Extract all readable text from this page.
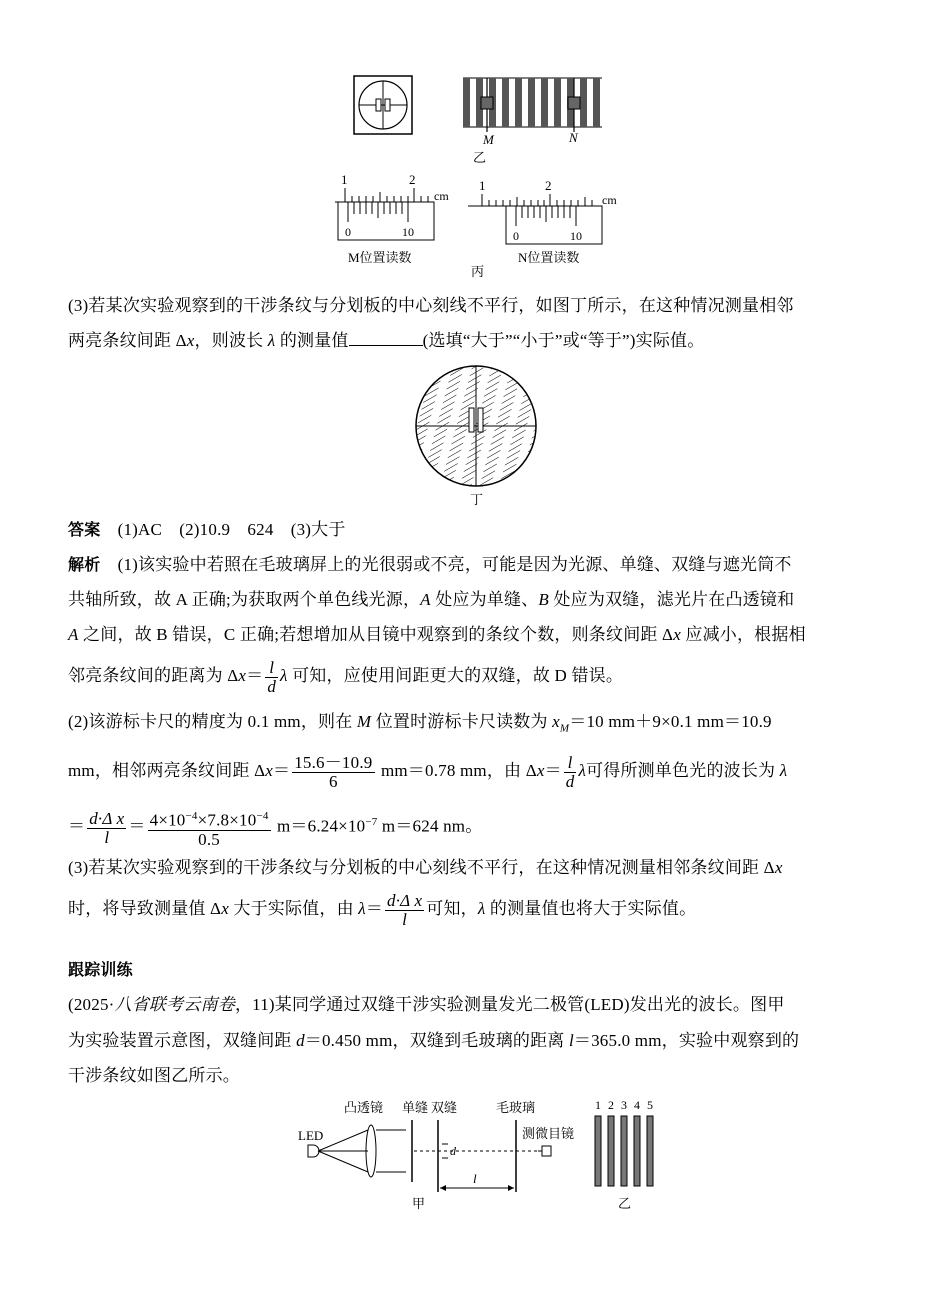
M	N
乙
1	2
cm
0	10
M位置读数
1	2
cm
0	10
N位置读数
丙
(3)若某次实验观察到的干涉条纹与分划板的中心刻线不平行，如图丁所示，在这种情况测量相邻
两亮条纹间距 Δx，则波长 λ 的测量值	(选填“大于”“小于”或“等于”)实际值。
丁
答案　 (1)AC　(2)10.9　624　(3)大于
解析　 (1)该实验中若照在毛玻璃屏上的光很弱或不亮，可能是因为光源、单缝、双缝与遮光筒不
共轴所致，故 A 正确;为获取两个单色线光源，A 处应为单缝、B 处应为双缝，滤光片在凸透镜和
A 之间，故 B 错误，C 正确;若想增加从目镜中观察到的条纹个数，则条纹间距 Δx 应减小，根据相
邻亮条纹间的距离为 $\Delta x= \frac{l}{d}$ λ 可知，应使用间距更大的双缝，故 D 错误。
(2)该游标卡尺的精度为 0.1 mm，则在 M 位置时游标卡尺读数为 $x_M=10$ mm＋9×0.1 mm＝10.9
mm，相邻两亮条纹间距 $\Delta x= \frac{15.6-10.9}{6} mm=0.78$ mm，由 $\Delta x= \frac{l}{d}$ λ可得所测单色光的波长为 λ
＝ $\frac{\text{d·Δ x}}{l} = \frac{4\times 10^{-4}\times 7.8\times 10^{-4}}{0.5} m=6.24\times 10^{-7}$ m＝624 nm。
(3)若某次实验观察到的干涉条纹与分划板的中心刻线不平行，在这种情况测量相邻条纹间距 Δx
时，将导致测量值 Δx 大于实际值，由 $\lambda= \frac{\text{d·Δ x}}{l}$ 可知，λ 的测量值也将大于实际值。
跟踪训练
(2025·八省联考云南卷，11)某同学通过双缝干涉实验测量发光二极管(LED)发出光的波长。图甲
为实验装置示意图，双缝间距 d＝0.450 mm，双缝到毛玻璃的距离 l＝365.0 mm，实验中观察到的
干涉条纹如图乙所示。
凸透镜 单缝 双缝	毛玻璃
测微目镜
LED
d
l
甲
1 2 3 4 5
乙
